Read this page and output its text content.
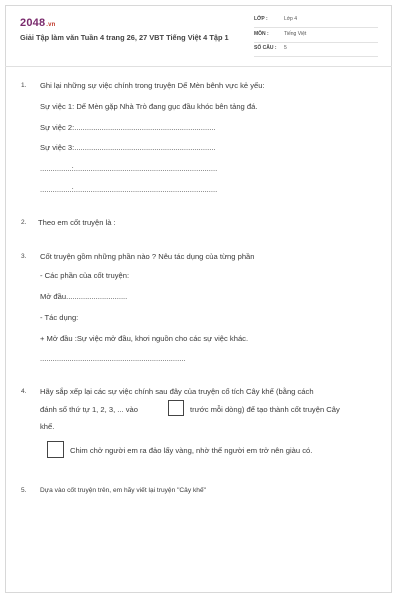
2048.vn
Giải Tập làm văn Tuần 4 trang 26, 27 VBT Tiếng Việt 4 Tập 1
LỚP :	Lớp 4
MÔN :	Tiếng Việt
SỐ CÂU : 5
1. Ghi lại những sự việc chính trong truyện Dế Mèn bênh vực kẻ yếu:
Sự việc 1: Dế Mèn gặp Nhà Trò đang gục đầu khóc bên tảng đá.
Sự việc 2:...................................................................
Sự việc 3:...................................................................
...............:....................................................................
...............:....................................................................
2. Theo em cốt truyện là :
3. Cốt truyện gồm những phần nào ? Nêu tác dụng của từng phần
- Các phần của cốt truyện:
Mở đầu.............................
- Tác dụng:
+ Mở đầu :Sự việc mở đầu, khơi nguồn cho các sự việc khác.
.....................................................................
4. Hãy sắp xếp lại các sự việc chính sau đây của truyện cổ tích Cây khế (bằng cách
đánh số thứ tự 1, 2, 3, ... vào	trước mỗi dòng) để tạo thành cốt truyện Cây
khế.
Chim chở người em ra đảo lấy vàng, nhờ thế người em trở nên giàu có.
5. Dựa vào cốt truyện trên, em hãy viết lại truyện "Cây khế"
